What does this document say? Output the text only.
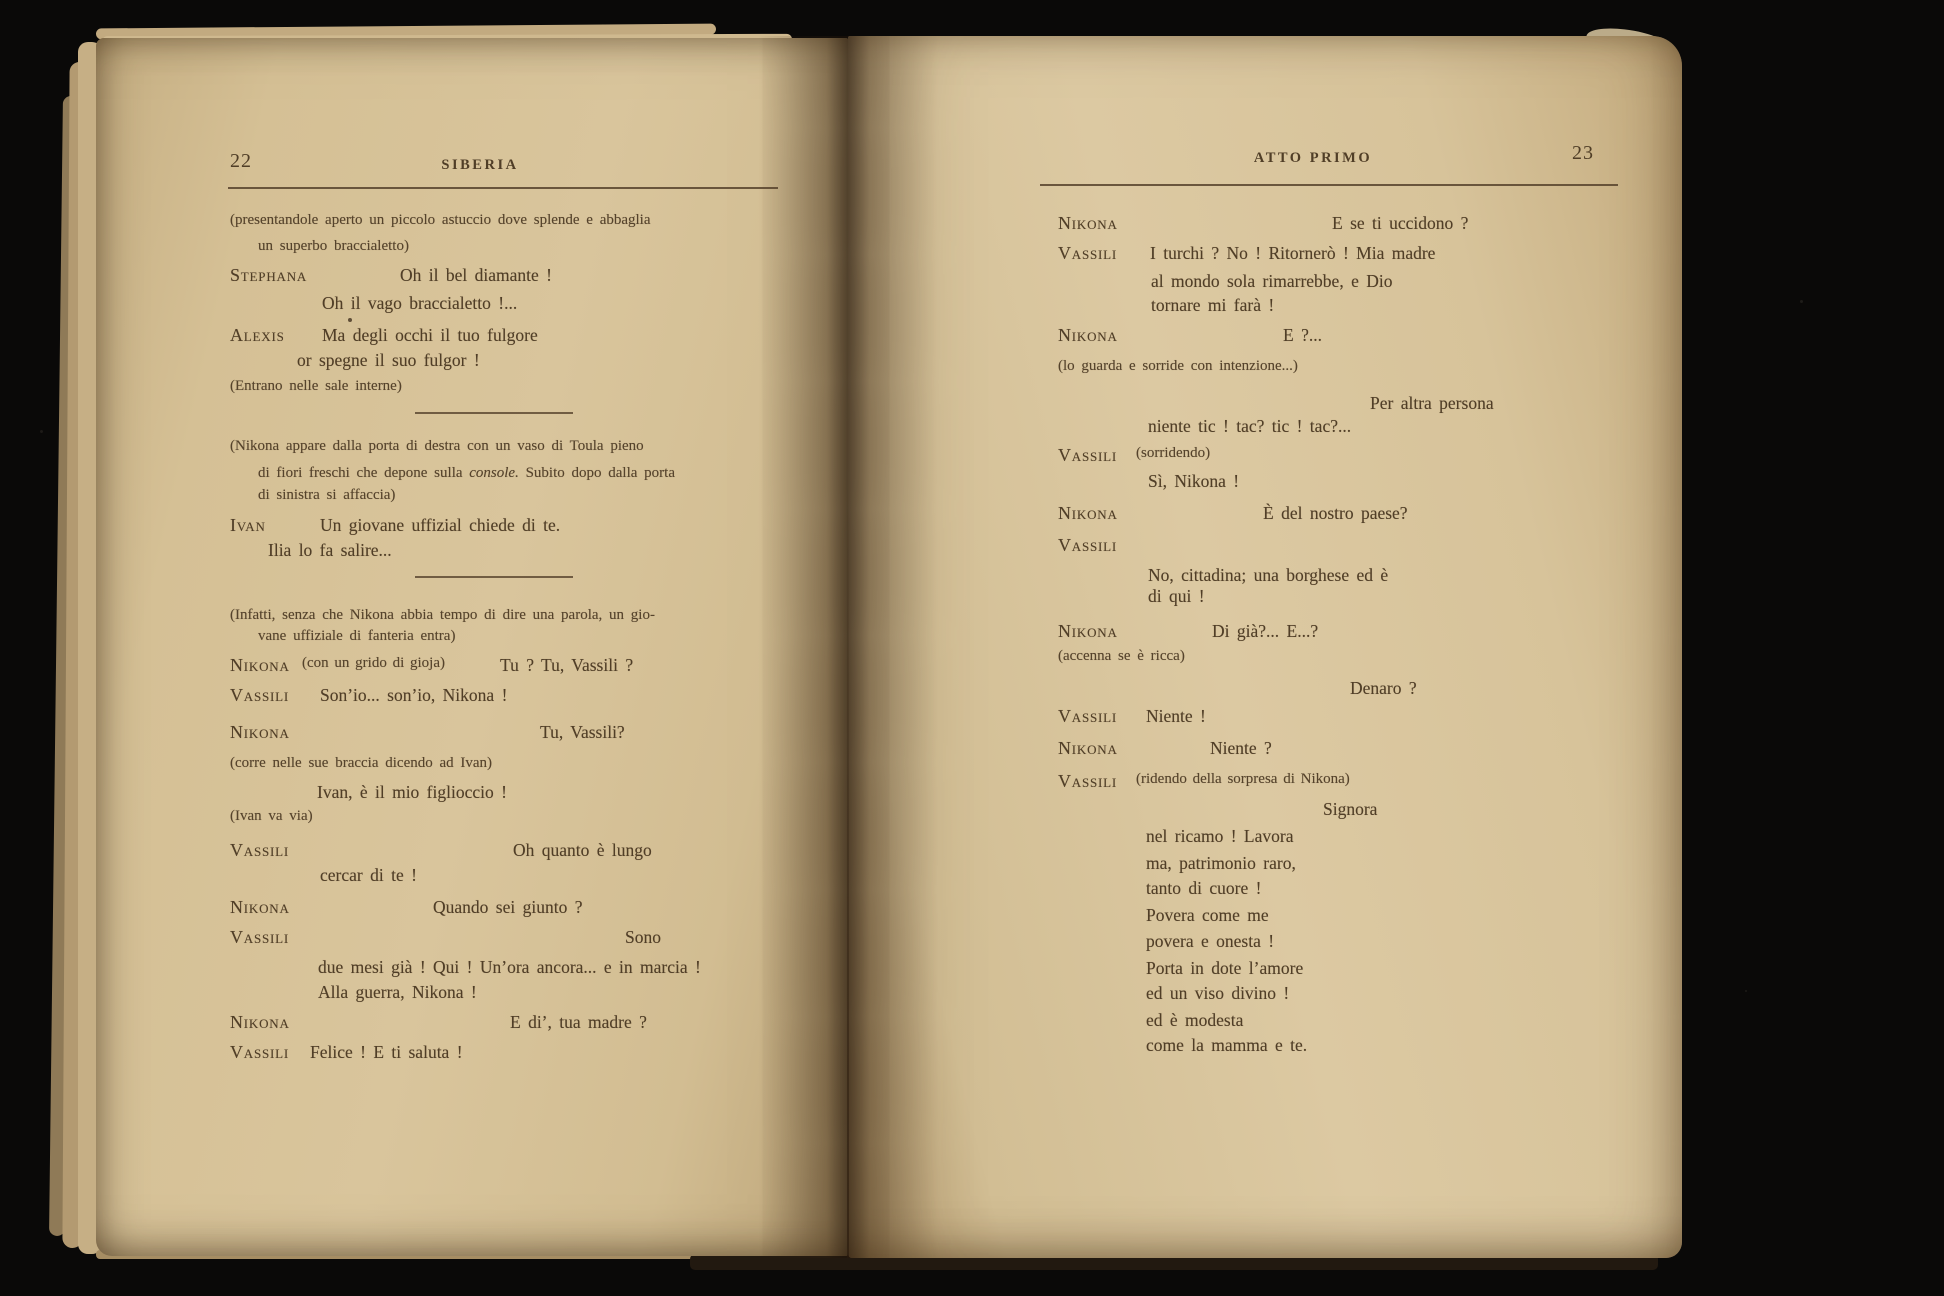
22	SIBERIA
(presentandole aperto un piccolo astuccio dove splende e abbaglia
un superbo braccialetto)
Stephana	Oh il bel diamante !
Oh il vago braccialetto !...
Alexis Ma degli occhi il tuo fulgore
or spegne il suo fulgor !
(Entrano nelle sale interne)
(Nikona appare dalla porta di destra con un vaso di Toula pieno
di fiori freschi che depone sulla console. Subito dopo dalla porta
di sinistra si affaccia)
Ivan	Un giovane uffizial chiede di te.
Ilia lo fa salire...
(Infatti, senza che Nikona abbia tempo di dire una parola, un gio-
vane uffiziale di fanteria entra)
Nikona (con un grido di gioja)	Tu ? Tu, Vassili ?
Vassili Son’io... son’io, Nikona !
Nikona	Tu, Vassili?
(corre nelle sue braccia dicendo ad Ivan)
Ivan, è il mio figlioccio !
(Ivan va via)
Vassili	Oh quanto è lungo
cercar di te !
Nikona	Quando sei giunto ?
Vassili	Sono
due mesi già ! Qui ! Un’ora ancora... e in marcia !
Alla guerra, Nikona !
Nikona	E di’, tua madre ?
Vassili Felice ! E ti saluta !
ATTO PRIMO	23
Nikona	E se ti uccidono ?
Vassili I turchi ? No ! Ritornerò ! Mia madre
al mondo sola rimarrebbe, e Dio
tornare mi farà !
Nikona	E ?...
(lo guarda e sorride con intenzione...)
Per altra persona
niente tic ! tac? tic ! tac?...
Vassili (sorridendo)
Sì, Nikona !
Nikona	È del nostro paese?
Vassili
No, cittadina; una borghese ed è
di qui !
Nikona	Di già?... E...?
(accenna se è ricca)
Denaro ?
Vassili Niente !
Nikona	Niente ?
Vassili (ridendo della sorpresa di Nikona)
Signora
nel ricamo ! Lavora
ma, patrimonio raro,
tanto di cuore !
Povera come me
povera e onesta !
Porta in dote l’amore
ed un viso divino !
ed è modesta
come la mamma e te.
